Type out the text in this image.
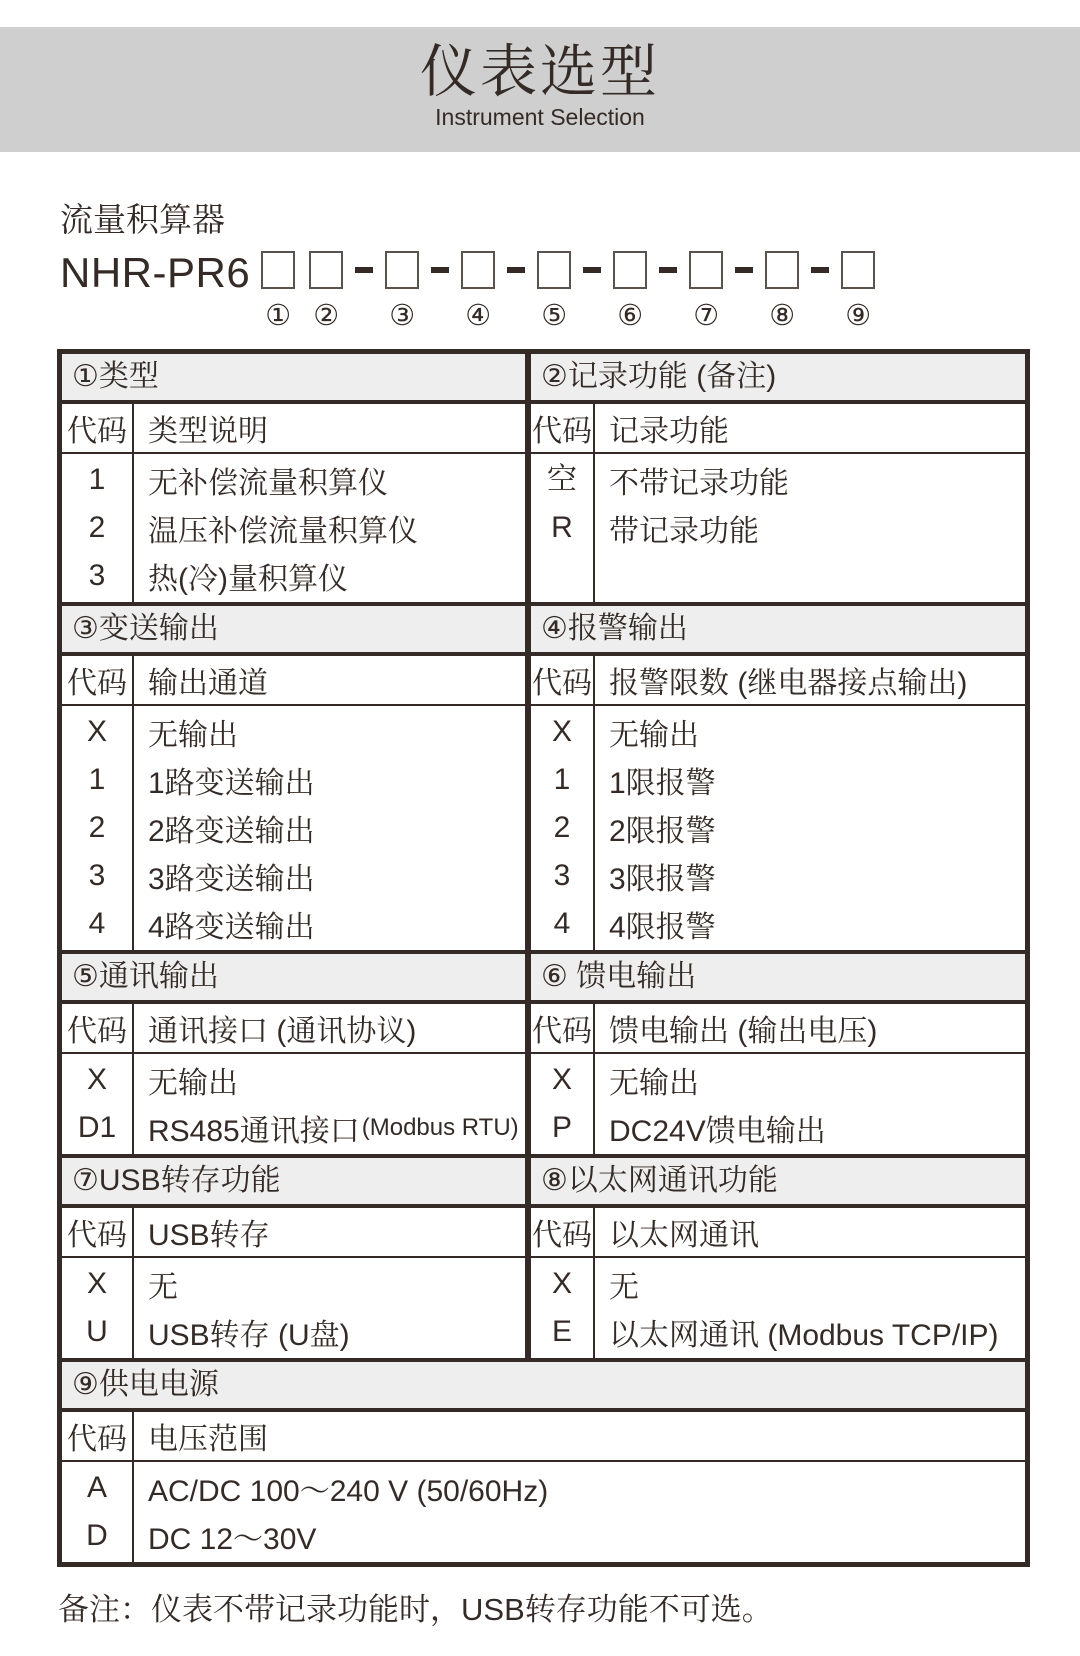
仪表选型
Instrument Selection
流量积算器
NHR-PR6
① ② ③ ④ ⑤ ⑥ ⑦ ⑧ ⑨
①类型
代码 类型说明
1
2
3
无补偿流量积算仪
温压补偿流量积算仪
热(冷)量积算仪
②记录功能 (备注)
代码 记录功能
空
R
不带记录功能
带记录功能
③变送输出
代码 输出通道
X
1
2
3
4
无输出
1路变送输出
2路变送输出
3路变送输出
4路变送输出
④报警输出
代码 报警限数 (继电器接点输出)
X
1
2
3
4
无输出
1限报警
2限报警
3限报警
4限报警
⑤通讯输出
代码 通讯接口 (通讯协议)
X
D1
无输出
RS485通讯接口 (Modbus RTU)
⑥ 馈电输出
代码 馈电输出 (输出电压)
X
P
无输出
DC24V馈电输出
⑦USB转存功能
代码 USB转存
X
U
无
USB转存 (U盘)
⑧以太网通讯功能
代码 以太网通讯
X
E
无
以太网通讯 (Modbus TCP/IP)
⑨供电电源
代码 电压范围
A
D
AC/DC 100～240 V (50/60Hz)
DC 12～30V
备注：仪表不带记录功能时，USB转存功能不可选。
